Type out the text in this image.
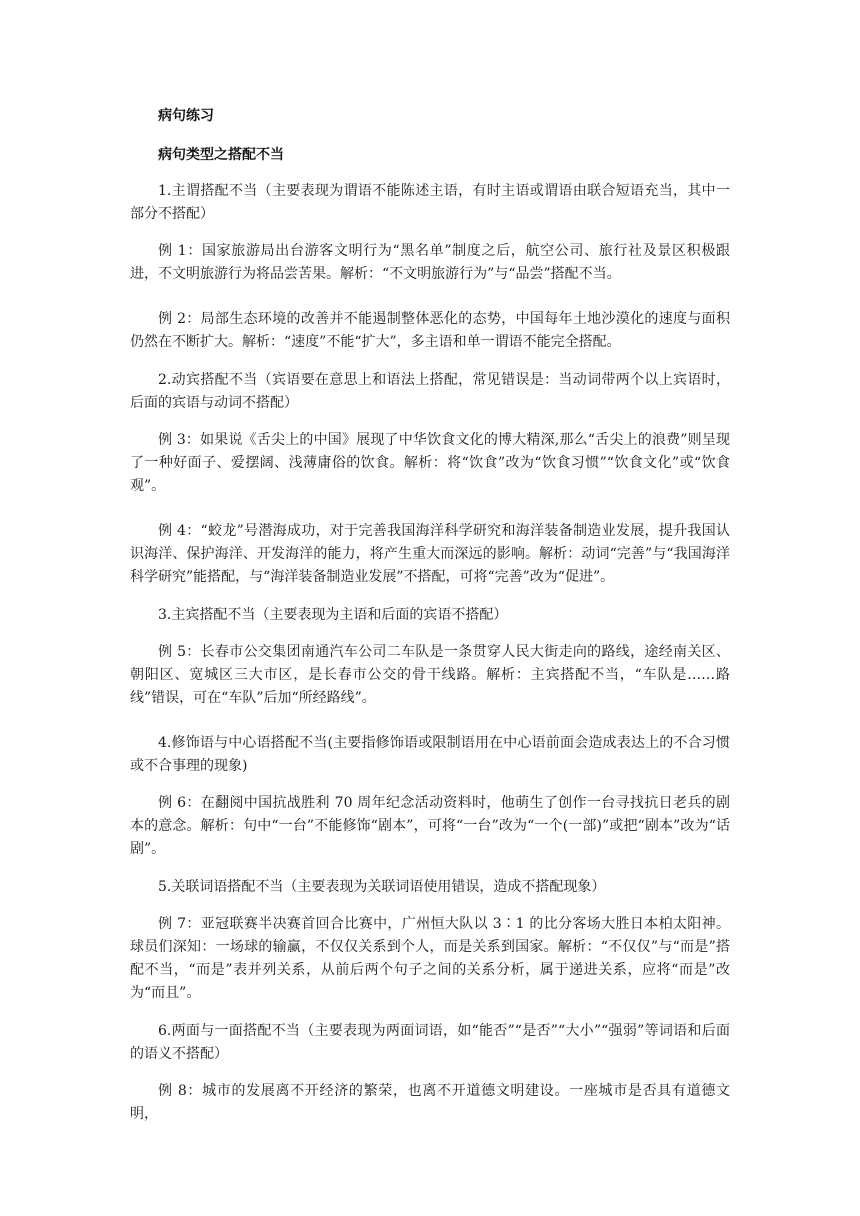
病句练习
病句类型之搭配不当

1.主谓搭配不当（主要表现为谓语不能陈述主语，有时主语或谓语由联合短语充当，其中一部分不搭配）

例 1：国家旅游局出台游客文明行为“黑名单”制度之后，航空公司、旅行社及景区积极跟进，不文明旅游行为将品尝苦果。解析：“不文明旅游行为”与“品尝”搭配不当。

例 2：局部生态环境的改善并不能遏制整体恶化的态势，中国每年土地沙漠化的速度与面积仍然在不断扩大。解析：“速度”不能“扩大”，多主语和单一谓语不能完全搭配。

2.动宾搭配不当（宾语要在意思上和语法上搭配，常见错误是：当动词带两个以上宾语时，后面的宾语与动词不搭配）

例 3：如果说《舌尖上的中国》展现了中华饮食文化的博大精深,那么“舌尖上的浪费”则呈现了一种好面子、爱摆阔、浅薄庸俗的饮食。解析：将“饮食”改为“饮食习惯”“饮食文化”或“饮食观”。

例 4：“蛟龙”号潜海成功，对于完善我国海洋科学研究和海洋装备制造业发展，提升我国认识海洋、保护海洋、开发海洋的能力，将产生重大而深远的影响。解析：动词“完善”与“我国海洋科学研究”能搭配，与“海洋装备制造业发展”不搭配，可将“完善”改为“促进”。

3.主宾搭配不当（主要表现为主语和后面的宾语不搭配）

例 5：长春市公交集团南通汽车公司二车队是一条贯穿人民大街走向的路线，途经南关区、朝阳区、宽城区三大市区，是长春市公交的骨干线路。解析：主宾搭配不当，“车队是……路线”错误，可在“车队”后加“所经路线”。

4.修饰语与中心语搭配不当(主要指修饰语或限制语用在中心语前面会造成表达上的不合习惯或不合事理的现象)

例 6：在翻阅中国抗战胜利 70 周年纪念活动资料时，他萌生了创作一台寻找抗日老兵的剧本的意念。解析：句中“一台”不能修饰“剧本”，可将“一台”改为“一个(一部)”或把“剧本”改为“话剧”。

5.关联词语搭配不当（主要表现为关联词语使用错误，造成不搭配现象）

例 7：亚冠联赛半决赛首回合比赛中，广州恒大队以 3∶1 的比分客场大胜日本柏太阳神。球员们深知：一场球的输赢，不仅仅关系到个人，而是关系到国家。解析：“不仅仅”与“而是”搭配不当，“而是”表并列关系，从前后两个句子之间的关系分析，属于递进关系，应将“而是”改为“而且”。

6.两面与一面搭配不当（主要表现为两面词语，如“能否”“是否”“大小”“强弱”等词语和后面的语义不搭配）

例 8：城市的发展离不开经济的繁荣，也离不开道德文明建设。一座城市是否具有道德文明，
